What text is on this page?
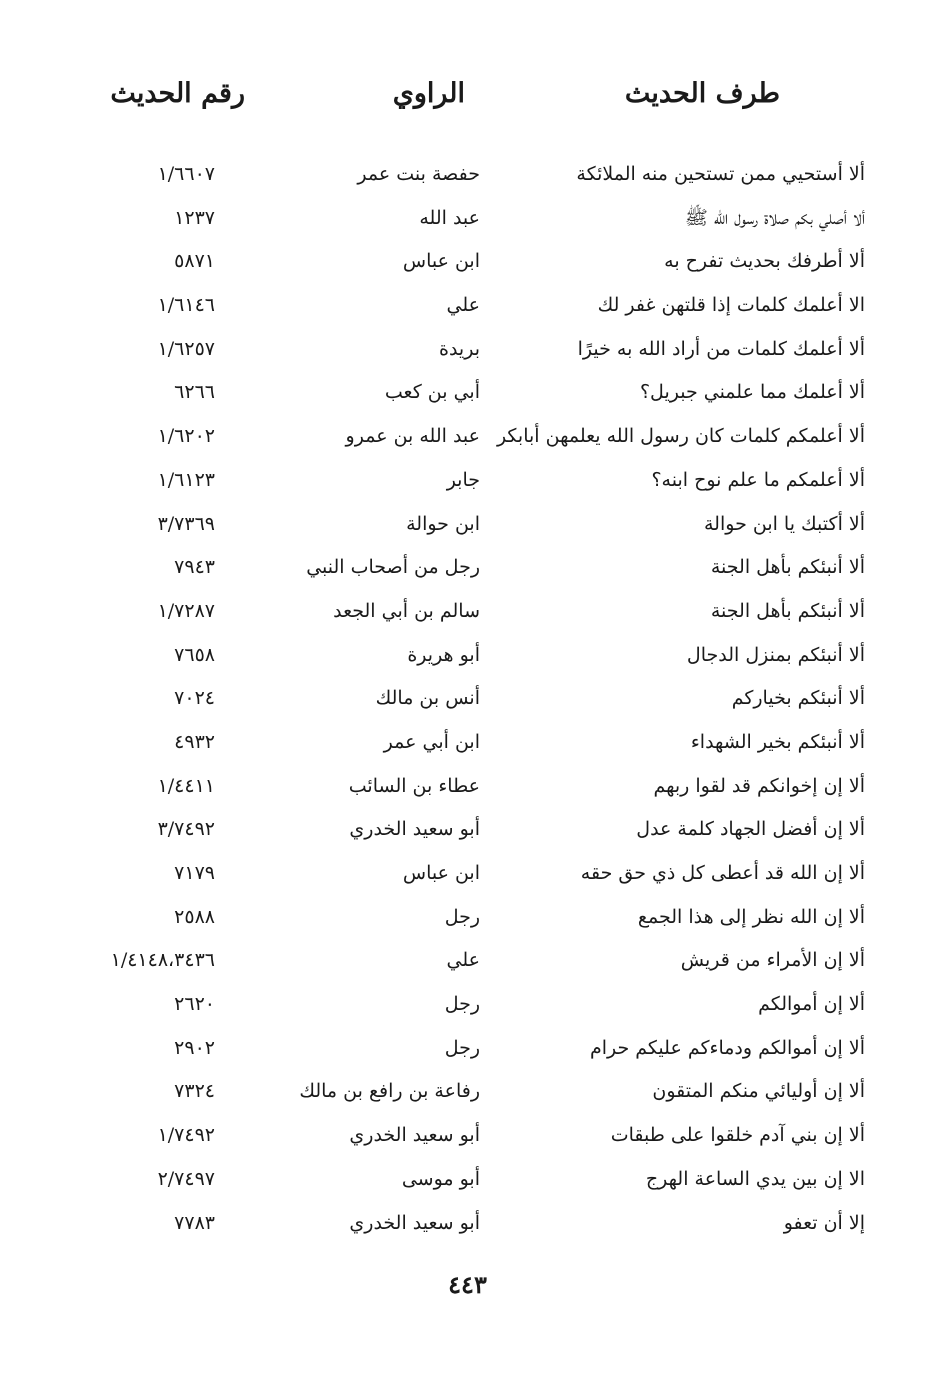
طرف الحديث
الراوي
رقم الحديث
ألا أستحيي ممن تستحين منه الملائكة
حفصة بنت عمر
١/٦٦٠٧
ألا أصلي بكم صلاة رسول الله ﷺ
عبد الله
١٢٣٧
ألا أطرفك بحديث تفرح به
ابن عباس
٥٨٧١
الا أعلمك كلمات إذا قلتهن غفر لك
علي
١/٦١٤٦
ألا أعلمك كلمات من أراد الله به خيرًا
بريدة
١/٦٢٥٧
ألا أعلمك مما علمني جبريل؟
أبي بن كعب
٦٢٦٦
ألا أعلمكم كلمات كان رسول الله يعلمهن أبابكر
عبد الله بن عمرو
١/٦٢٠٢
ألا أعلمكم ما علم نوح ابنه؟
جابر
١/٦١٢٣
ألا أكتبك يا ابن حوالة
ابن حوالة
٣/٧٣٦٩
ألا أنبئكم بأهل الجنة
رجل من أصحاب النبي
٧٩٤٣
ألا أنبئكم بأهل الجنة
سالم بن أبي الجعد
١/٧٢٨٧
ألا أنبئكم بمنزل الدجال
أبو هريرة
٧٦٥٨
ألا أنبئكم بخياركم
أنس بن مالك
٧٠٢٤
ألا أنبئكم بخير الشهداء
ابن أبي عمر
٤٩٣٢
ألا إن إخوانكم قد لقوا ربهم
عطاء بن السائب
١/٤٤١١
ألا إن أفضل الجهاد كلمة عدل
أبو سعيد الخدري
٣/٧٤٩٢
ألا إن الله قد أعطى كل ذي حق حقه
ابن عباس
٧١٧٩
ألا إن الله نظر إلى هذا الجمع
رجل
٢٥٨٨
ألا إن الأمراء من قريش
علي
١/٤١٤٨،٣٤٣٦
ألا إن أموالكم
رجل
٢٦٢٠
ألا إن أموالكم ودماءكم عليكم حرام
رجل
٢٩٠٢
ألا إن أوليائي منكم المتقون
رفاعة بن رافع بن مالك
٧٣٢٤
ألا إن بني آدم خلقوا على طبقات
أبو سعيد الخدري
١/٧٤٩٢
الا إن بين يدي الساعة الهرج
أبو موسى
٢/٧٤٩٧
إلا أن تعفو
أبو سعيد الخدري
٧٧٨٣
٤٤٣
